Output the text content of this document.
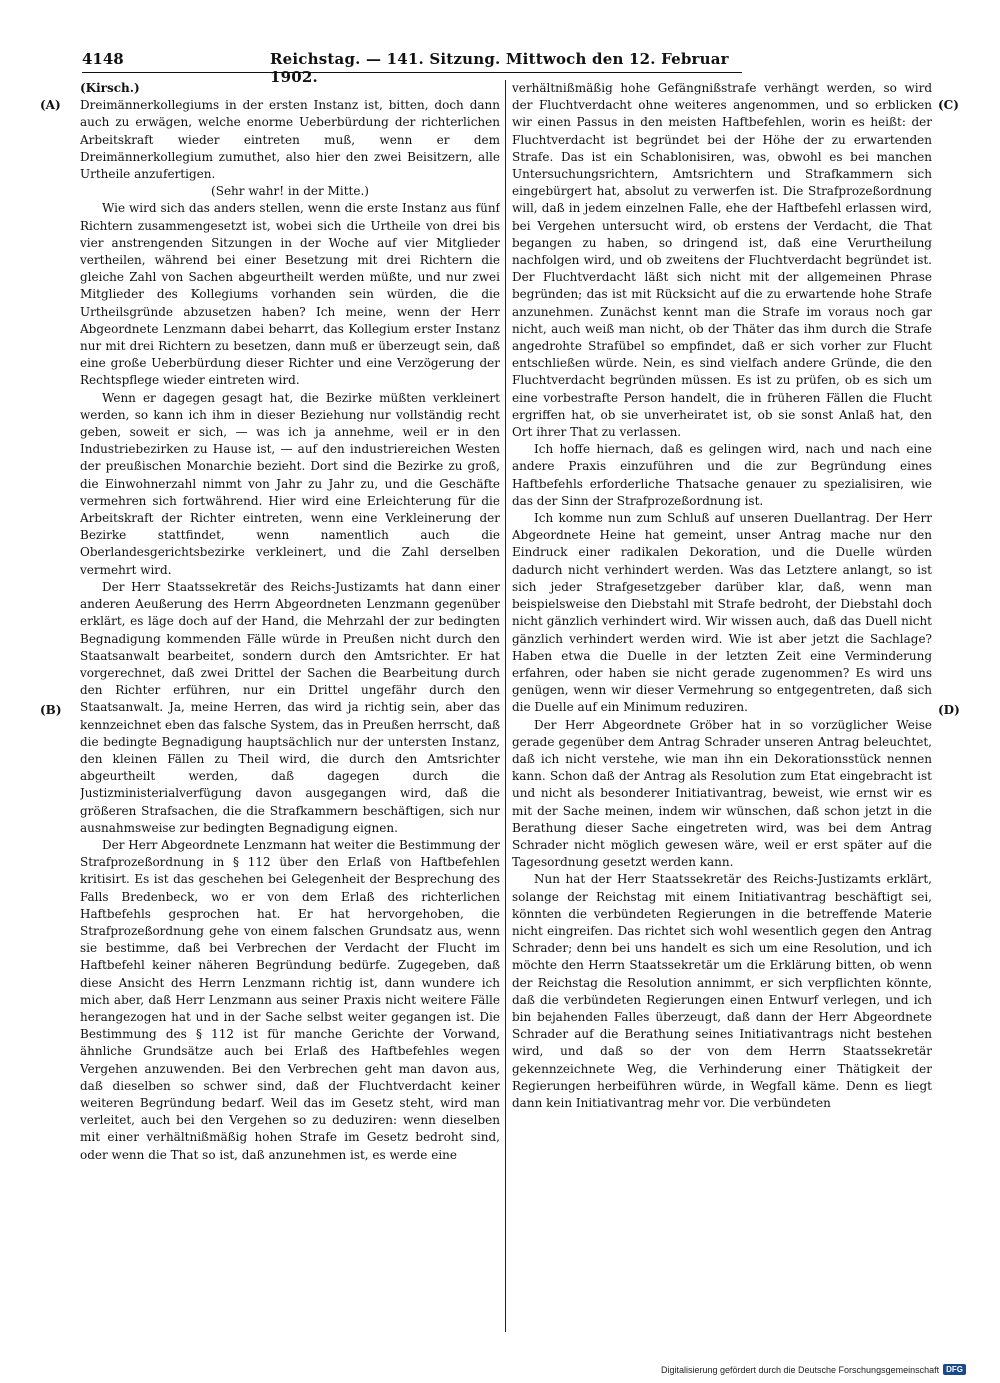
4148	Reichstag. — 141. Sitzung. Mittwoch den 12. Februar 1902.
(A)
(B)
(C)
(D)

(Kirsch.)

Dreimännerkollegiums in der ersten Instanz ist, bitten, doch dann auch zu erwägen, welche enorme Ueberbürdung der richterlichen Arbeitskraft wieder eintreten muß, wenn er dem Dreimännerkollegium zumuthet, also hier den zwei Beisitzern, alle Urtheile anzufertigen.

(Sehr wahr! in der Mitte.)

Wie wird sich das anders stellen, wenn die erste Instanz aus fünf Richtern zusammengesetzt ist, wobei sich die Urtheile von drei bis vier anstrengenden Sitzungen in der Woche auf vier Mitglieder vertheilen, während bei einer Besetzung mit drei Richtern die gleiche Zahl von Sachen abgeurtheilt werden müßte, und nur zwei Mitglieder des Kollegiums vorhanden sein würden, die die Urtheilsgründe abzusetzen haben? Ich meine, wenn der Herr Abgeordnete Lenzmann dabei beharrt, das Kollegium erster Instanz nur mit drei Richtern zu besetzen, dann muß er überzeugt sein, daß eine große Ueberbürdung dieser Richter und eine Verzögerung der Rechtspflege wieder eintreten wird.

Wenn er dagegen gesagt hat, die Bezirke müßten verkleinert werden, so kann ich ihm in dieser Beziehung nur vollständig recht geben, soweit er sich, — was ich ja annehme, weil er in den Industriebezirken zu Hause ist, — auf den industriereichen Westen der preußischen Monarchie bezieht. Dort sind die Bezirke zu groß, die Einwohnerzahl nimmt von Jahr zu Jahr zu, und die Geschäfte vermehren sich fortwährend. Hier wird eine Erleichterung für die Arbeitskraft der Richter eintreten, wenn eine Verkleinerung der Bezirke stattfindet, wenn namentlich auch die Oberlandesgerichtsbezirke verkleinert, und die Zahl derselben vermehrt wird.

Der Herr Staatssekretär des Reichs-Justizamts hat dann einer anderen Aeußerung des Herrn Abgeordneten Lenzmann gegenüber erklärt, es läge doch auf der Hand, die Mehrzahl der zur bedingten Begnadigung kommenden Fälle würde in Preußen nicht durch den Staatsanwalt bearbeitet, sondern durch den Amtsrichter. Er hat vorgerechnet, daß zwei Drittel der Sachen die Bearbeitung durch den Richter erführen, nur ein Drittel ungefähr durch den Staatsanwalt. Ja, meine Herren, das wird ja richtig sein, aber das kennzeichnet eben das falsche System, das in Preußen herrscht, daß die bedingte Begnadigung hauptsächlich nur der untersten Instanz, den kleinen Fällen zu Theil wird, die durch den Amtsrichter abgeurtheilt werden, daß dagegen durch die Justizministerialverfügung davon ausgegangen wird, daß die größeren Strafsachen, die die Strafkammern beschäftigen, sich nur ausnahmsweise zur bedingten Begnadigung eignen.

Der Herr Abgeordnete Lenzmann hat weiter die Bestimmung der Strafprozeßordnung in § 112 über den Erlaß von Haftbefehlen kritisirt. Es ist das geschehen bei Gelegenheit der Besprechung des Falls Bredenbeck, wo er von dem Erlaß des richterlichen Haftbefehls gesprochen hat. Er hat hervorgehoben, die Strafprozeßordnung gehe von einem falschen Grundsatz aus, wenn sie bestimme, daß bei Verbrechen der Verdacht der Flucht im Haftbefehl keiner näheren Begründung bedürfe. Zugegeben, daß diese Ansicht des Herrn Lenzmann richtig ist, dann wundere ich mich aber, daß Herr Lenzmann aus seiner Praxis nicht weitere Fälle herangezogen hat und in der Sache selbst weiter gegangen ist. Die Bestimmung des § 112 ist für manche Gerichte der Vorwand, ähnliche Grundsätze auch bei Erlaß des Haftbefehles wegen Vergehen anzuwenden. Bei den Verbrechen geht man davon aus, daß dieselben so schwer sind, daß der Fluchtverdacht keiner weiteren Begründung bedarf. Weil das im Gesetz steht, wird man verleitet, auch bei den Vergehen so zu deduziren: wenn dieselben mit einer verhältnißmäßig hohen Strafe im Gesetz bedroht sind, oder wenn die That so ist, daß anzunehmen ist, es werde eine

verhältnißmäßig hohe Gefängnißstrafe verhängt werden, so wird der Fluchtverdacht ohne weiteres angenommen, und so erblicken wir einen Passus in den meisten Haftbefehlen, worin es heißt: der Fluchtverdacht ist begründet bei der Höhe der zu erwartenden Strafe. Das ist ein Schablonisiren, was, obwohl es bei manchen Untersuchungsrichtern, Amtsrichtern und Strafkammern sich eingebürgert hat, absolut zu verwerfen ist. Die Strafprozeßordnung will, daß in jedem einzelnen Falle, ehe der Haftbefehl erlassen wird, bei Vergehen untersucht wird, ob erstens der Verdacht, die That begangen zu haben, so dringend ist, daß eine Verurtheilung nachfolgen wird, und ob zweitens der Fluchtverdacht begründet ist. Der Fluchtverdacht läßt sich nicht mit der allgemeinen Phrase begründen; das ist mit Rücksicht auf die zu erwartende hohe Strafe anzunehmen. Zunächst kennt man die Strafe im voraus noch gar nicht, auch weiß man nicht, ob der Thäter das ihm durch die Strafe angedrohte Strafübel so empfindet, daß er sich vorher zur Flucht entschließen würde. Nein, es sind vielfach andere Gründe, die den Fluchtverdacht begründen müssen. Es ist zu prüfen, ob es sich um eine vorbestrafte Person handelt, die in früheren Fällen die Flucht ergriffen hat, ob sie unverheiratet ist, ob sie sonst Anlaß hat, den Ort ihrer That zu verlassen.

Ich hoffe hiernach, daß es gelingen wird, nach und nach eine andere Praxis einzuführen und die zur Begründung eines Haftbefehls erforderliche Thatsache genauer zu spezialisiren, wie das der Sinn der Strafprozeßordnung ist.

Ich komme nun zum Schluß auf unseren Duellantrag. Der Herr Abgeordnete Heine hat gemeint, unser Antrag mache nur den Eindruck einer radikalen Dekoration, und die Duelle würden dadurch nicht verhindert werden. Was das Letztere anlangt, so ist sich jeder Strafgesetzgeber darüber klar, daß, wenn man beispielsweise den Diebstahl mit Strafe bedroht, der Diebstahl doch nicht gänzlich verhindert wird. Wir wissen auch, daß das Duell nicht gänzlich verhindert werden wird. Wie ist aber jetzt die Sachlage? Haben etwa die Duelle in der letzten Zeit eine Verminderung erfahren, oder haben sie nicht gerade zugenommen? Es wird uns genügen, wenn wir dieser Vermehrung so entgegentreten, daß sich die Duelle auf ein Minimum reduziren.

Der Herr Abgeordnete Gröber hat in so vorzüglicher Weise gerade gegenüber dem Antrag Schrader unseren Antrag beleuchtet, daß ich nicht verstehe, wie man ihn ein Dekorationsstück nennen kann. Schon daß der Antrag als Resolution zum Etat eingebracht ist und nicht als besonderer Initiativantrag, beweist, wie ernst wir es mit der Sache meinen, indem wir wünschen, daß schon jetzt in die Berathung dieser Sache eingetreten wird, was bei dem Antrag Schrader nicht möglich gewesen wäre, weil er erst später auf die Tagesordnung gesetzt werden kann.

Nun hat der Herr Staatssekretär des Reichs-Justizamts erklärt, solange der Reichstag mit einem Initiativantrag beschäftigt sei, könnten die verbündeten Regierungen in die betreffende Materie nicht eingreifen. Das richtet sich wohl wesentlich gegen den Antrag Schrader; denn bei uns handelt es sich um eine Resolution, und ich möchte den Herrn Staatssekretär um die Erklärung bitten, ob wenn der Reichstag die Resolution annimmt, er sich verpflichten könnte, daß die verbündeten Regierungen einen Entwurf verlegen, und ich bin bejahenden Falles überzeugt, daß dann der Herr Abgeordnete Schrader auf die Berathung seines Initiativantrags nicht bestehen wird, und daß so der von dem Herrn Staatssekretär gekennzeichnete Weg, die Verhinderung einer Thätigkeit der Regierungen herbeiführen würde, in Wegfall käme. Denn es liegt dann kein Initiativantrag mehr vor. Die verbündeten

Digitalisierung gefördert durch die Deutsche Forschungsgemeinschaft DFG
